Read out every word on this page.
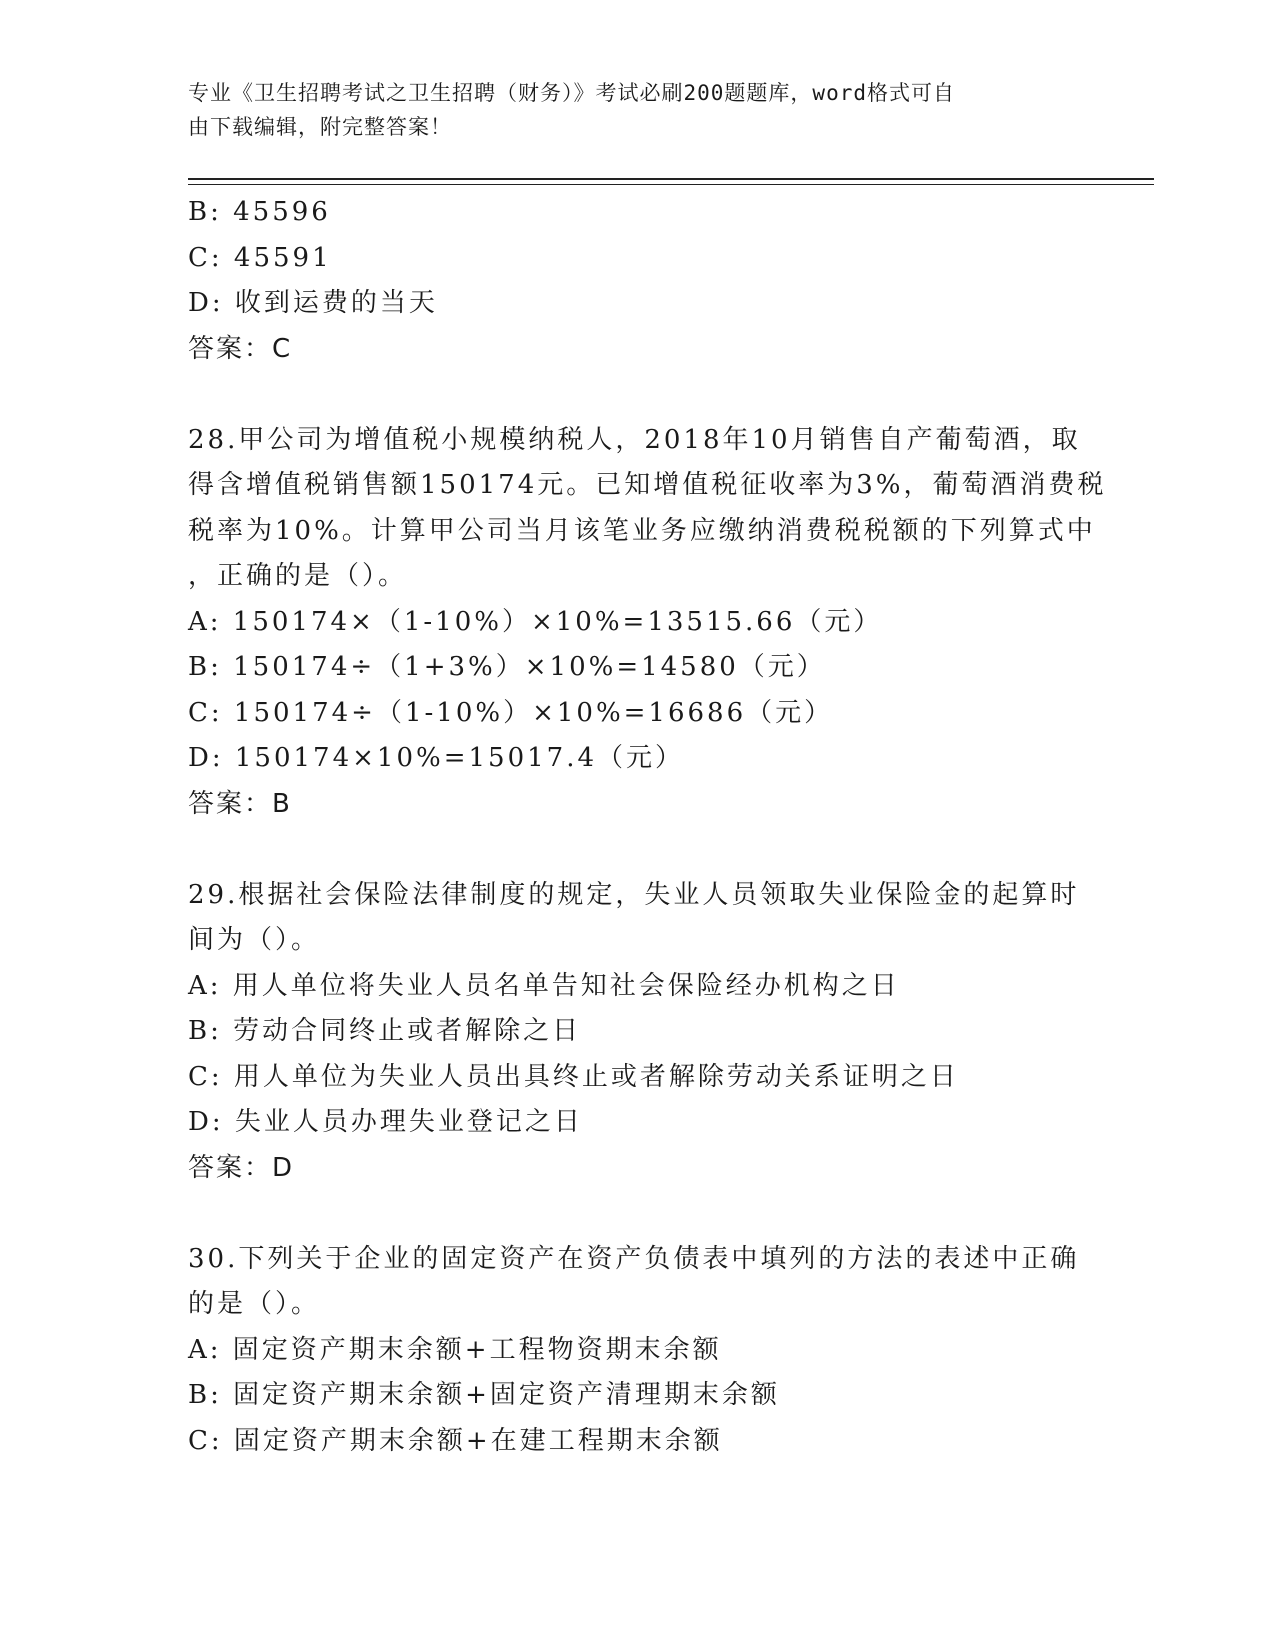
专业《卫生招聘考试之卫生招聘（财务）》考试必刷200题题库，word格式可自
由下载编辑，附完整答案！
B: 45596
C: 45591
D: 收到运费的当天
答案：C
28.甲公司为增值税小规模纳税人，2018年10月销售自产葡萄酒，取
得含增值税销售额150174元。已知增值税征收率为3%，葡萄酒消费税
税率为10%。计算甲公司当月该笔业务应缴纳消费税税额的下列算式中
，正确的是（）。
A: 150174×（1-10%）×10%=13515.66（元）
B: 150174÷（1+3%）×10%=14580（元）
C: 150174÷（1-10%）×10%=16686（元）
D: 150174×10%=15017.4（元）
答案：B
29.根据社会保险法律制度的规定，失业人员领取失业保险金的起算时
间为（）。
A: 用人单位将失业人员名单告知社会保险经办机构之日
B: 劳动合同终止或者解除之日
C: 用人单位为失业人员出具终止或者解除劳动关系证明之日
D: 失业人员办理失业登记之日
答案：D
30.下列关于企业的固定资产在资产负债表中填列的方法的表述中正确
的是（）。
A: 固定资产期末余额+工程物资期末余额
B: 固定资产期末余额+固定资产清理期末余额
C: 固定资产期末余额+在建工程期末余额
